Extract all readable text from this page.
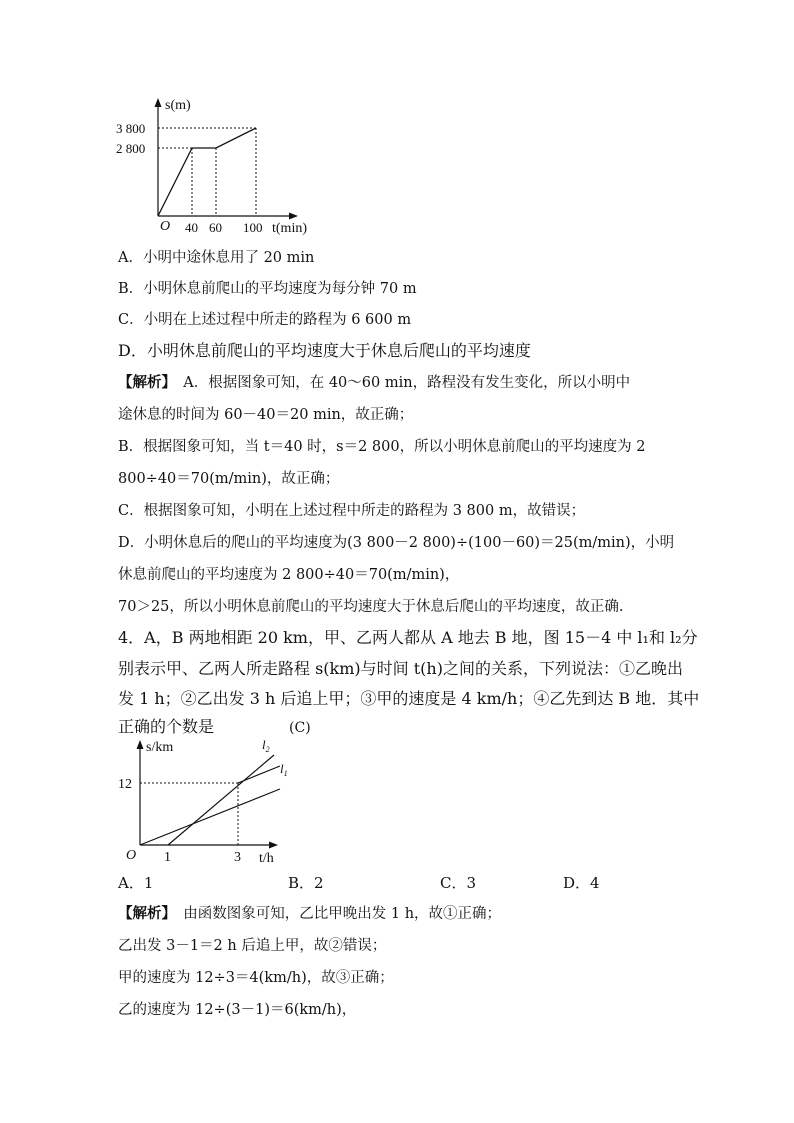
s(m)
t(min)
O
3 800
2 800
40 60 100
A．小明中途休息用了 20 min
B．小明休息前爬山的平均速度为每分钟 70 m
C．小明在上述过程中所走的路程为 6 600 m
D．小明休息前爬山的平均速度大于休息后爬山的平均速度
【解析】　A．根据图象可知，在 40～60 min，路程没有发生变化，所以小明中
途休息的时间为 60－40＝20 min，故正确；
B．根据图象可知，当 t＝40 时，s＝2 800，所以小明休息前爬山的平均速度为 2
800÷40＝70(m/min)，故正确；
C．根据图象可知，小明在上述过程中所走的路程为 3 800 m，故错误；
D．小明休息后的爬山的平均速度为(3 800－2 800)÷(100－60)＝25(m/min)，小明
休息前爬山的平均速度为 2 800÷40＝70(m/min)，
70＞25，所以小明休息前爬山的平均速度大于休息后爬山的平均速度，故正确.
4．A，B 两地相距 20 km，甲、乙两人都从 A 地去 B 地，图 15－4 中 l₁和 l₂分
别表示甲、乙两人所走路程 s(km)与时间 t(h)之间的关系，下列说法：①乙晚出
发 1 h；②乙出发 3 h 后追上甲；③甲的速度是 4 km/h；④乙先到达 B 地．其中
正确的个数是	(C)
s/km
t/h
O
12
1	3
$l_2$
$l_1$
A．1	B．2	C．3	D．4
【解析】　由函数图象可知，乙比甲晚出发 1 h，故①正确；
乙出发 3－1＝2 h 后追上甲，故②错误；
甲的速度为 12÷3＝4(km/h)，故③正确；
乙的速度为 12÷(3－1)＝6(km/h)，
